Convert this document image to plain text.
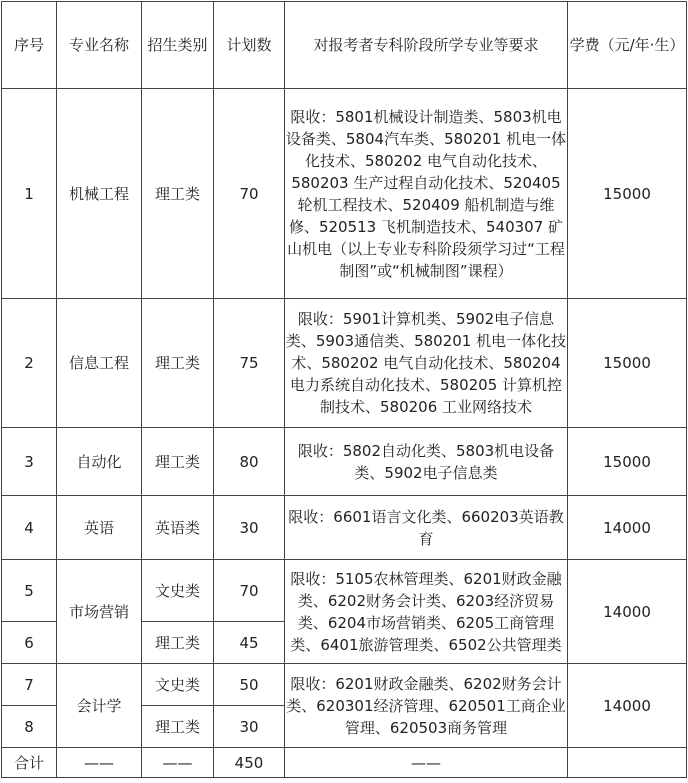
序号	专业名称	招生类别	计划数	对报考者专科阶段所学专业等要求	学费（元/年·生）
1	机械工程	理工类	70	限收：5801机械设计制造类、5803机电设备类、5804汽车类、580201 机电一体化技术、580202 电气自动化技术、580203 生产过程自动化技术、520405 轮机工程技术、520409 船机制造与维修、520513 飞机制造技术、540307 矿山机电（以上专业专科阶段须学习过“工程制图”或“机械制图”课程）	15000
2	信息工程	理工类	75	限收：5901计算机类、5902电子信息类、5903通信类、580201 机电一体化技术、580202 电气自动化技术、580204 电力系统自动化技术、580205 计算机控制技术、580206 工业网络技术	15000
3	自动化	理工类	80	限收：5802自动化类、5803机电设备类、5902电子信息类	15000
4	英语	英语类	30	限收：6601语言文化类、660203英语教育	14000
5	市场营销	文史类	70	限收：5105农林管理类、6201财政金融类、6202财务会计类、6203经济贸易类、6204市场营销类、6205工商管理类、6401旅游管理类、6502公共管理类	14000
6		理工类	45		
7	会计学	文史类	50	限收：6201财政金融类、6202财务会计类、620301经济管理、620501工商企业管理、620503商务管理	14000
8		理工类	30		
合计	——	——	450	——	
